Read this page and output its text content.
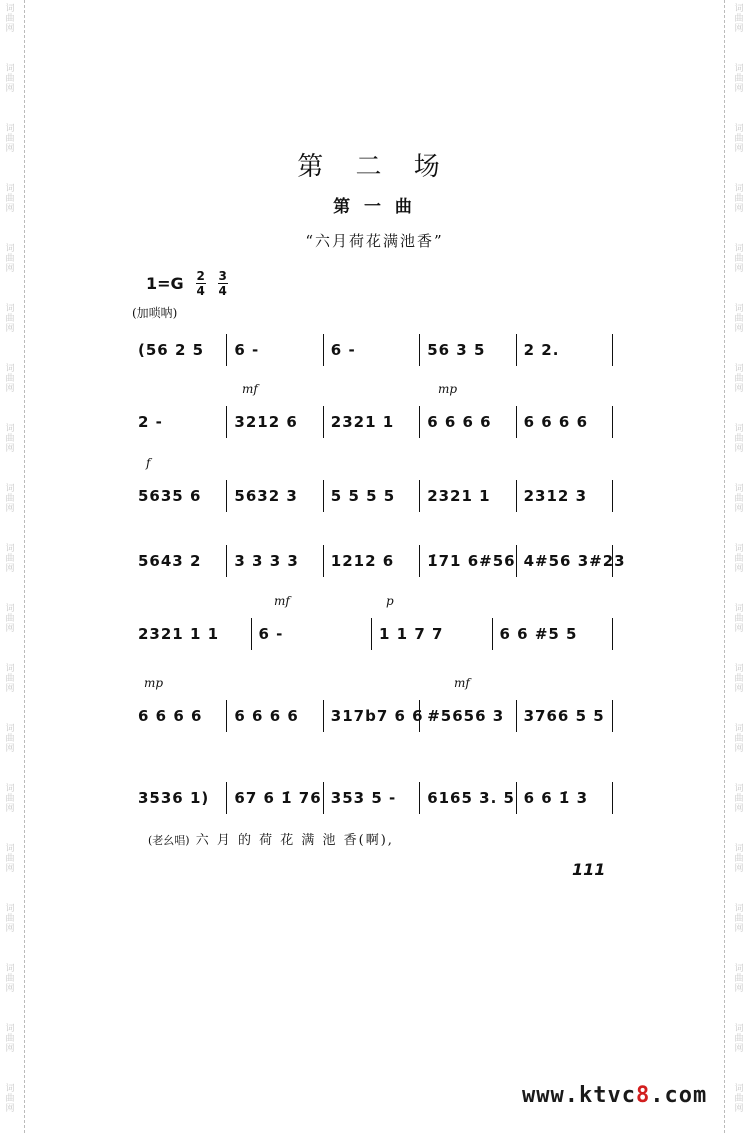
词
曲
网
词
曲
网
词
曲
网
词
曲
网
词
曲
网
词
曲
网
词
曲
网
词
曲
网
词
曲
网
词
曲
网
词
曲
网
词
曲
网
词
曲
网
词
曲
网
词
曲
网
词
曲
网
词
曲
网
词
曲
网
词
曲
网
词
曲
网
词
曲
网
词
曲
网
词
曲
网
词
曲
网
词
曲
网
词
曲
网
词
曲
网
词
曲
网
词
曲
网
词
曲
网
词
曲
网
词
曲
网
词
曲
网
词
曲
网
词
曲
网
词
曲
网
词
曲
网
词
曲
网
第 二 场
第 一 曲
“六月荷花满池香”
$1=G \frac{2}{4} \frac{3}{4}$
(加唢呐)
(56 2 5	6 -	6 -	56 3 5	2 2.
2 -	3212 6	2321 1	6 6 6 6	6 6 6 6
mf	mp
5635 6	5632 3	5 5 5 5	2321 1	2312 3
f
5643 2	3 3 3 3	1212 6	1̇71 6#56 4#56 3#23
2321 1 1	6 -	1 1 7 7	6 6 #5 5
mf	p
6 6 6 6	6 6 6 6	317b7 6 6 #5656 3	3766 5 5
mp	mf
3536 1)	67 6 1̇ 76 353 5 -	6165 3. 5 6 6 1̇ 3
(老幺唱) 六 月 的 荷 花 满 池 香(啊),
111
www.ktvc8.com
